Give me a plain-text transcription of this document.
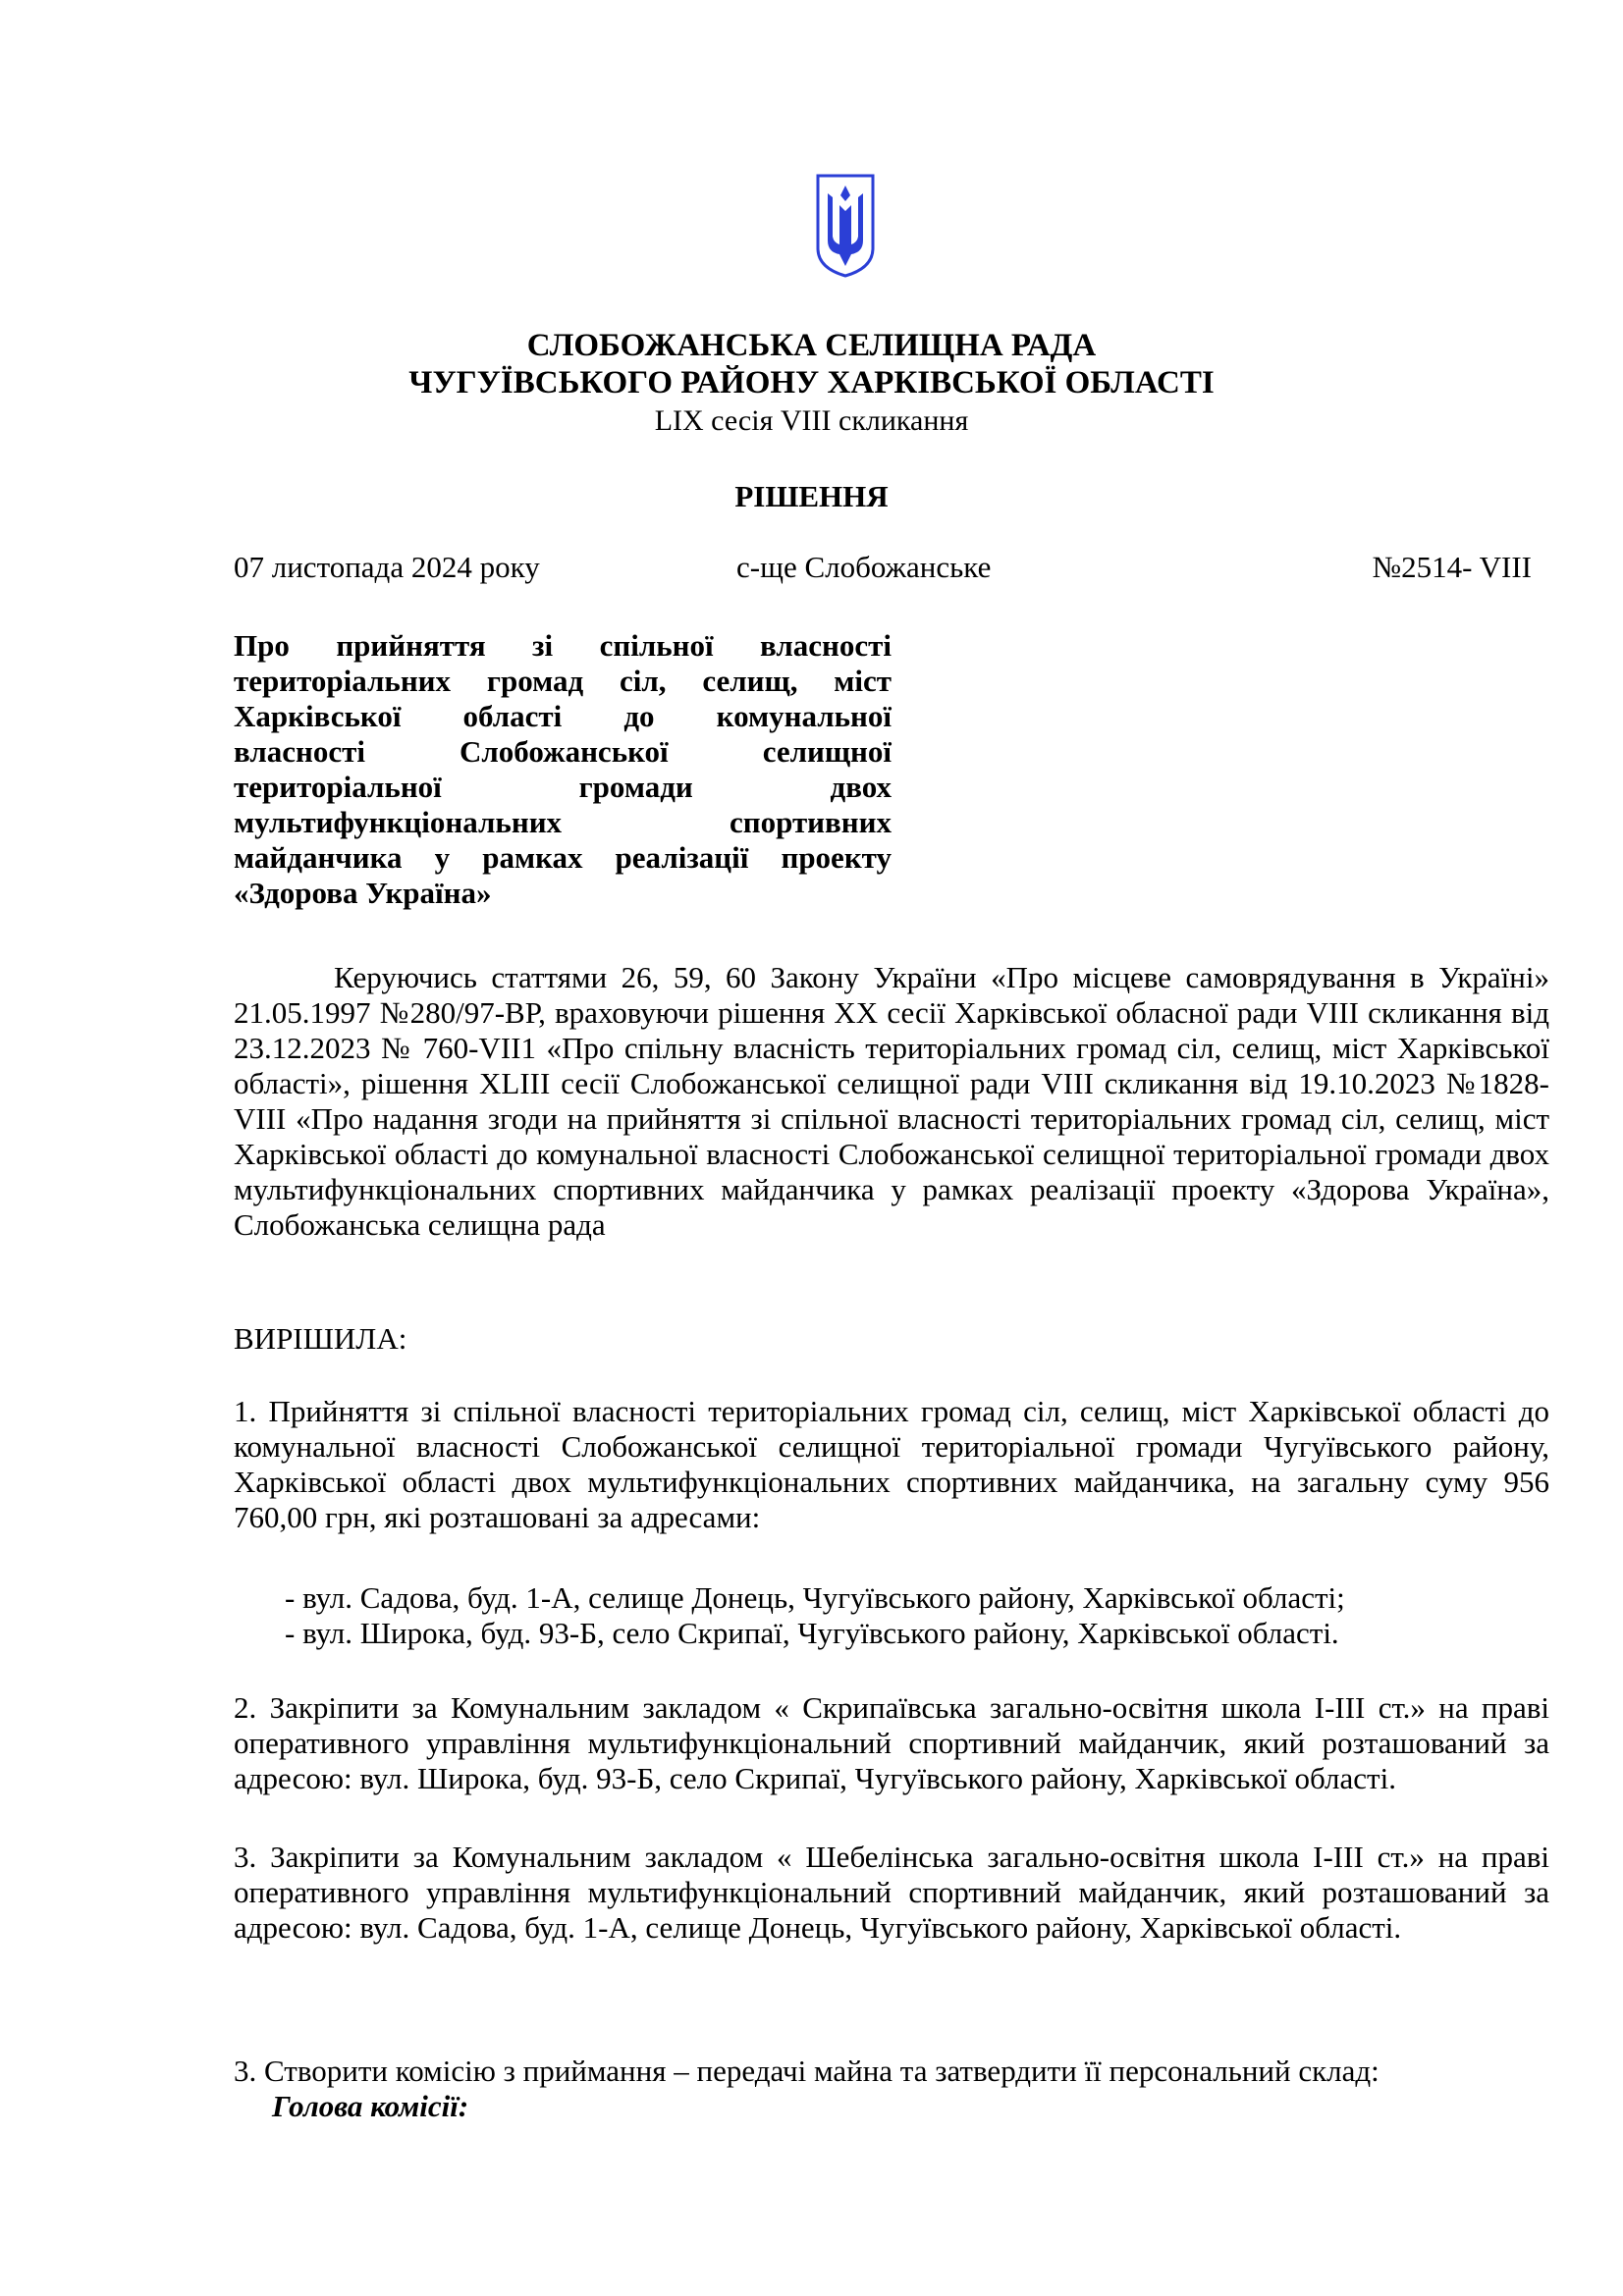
СЛОБОЖАНСЬКА СЕЛИЩНА РАДА
ЧУГУЇВСЬКОГО РАЙОНУ ХАРКІВСЬКОЇ ОБЛАСТІ
LIX сесія VIII скликання
РІШЕННЯ
07 листопада 2024 року	с-ще Слобожанське	№2514- VIII
Про прийняття зі спільної власності
територіальних громад сіл, селищ, міст
Харківської області до комунальної
власності Слобожанської селищної
територіальної громади двох
мультифункціональних спортивних
майданчика у рамках реалізації проекту
«Здорова Україна»
Керуючись статтями 26, 59, 60 Закону України «Про місцеве самоврядування в Україні» 21.05.1997 №280/97-ВР, враховуючи рішення ХХ сесії Харківської обласної ради VIII скликання від 23.12.2023 № 760-VII1 «Про спільну власність територіальних громад сіл, селищ, міст Харківської області», рішення XLIII сесії Слобожанської селищної ради VIII скликання від 19.10.2023 №1828-VIII «Про надання згоди на прийняття зі спільної власності територіальних громад сіл, селищ, міст Харківської області до комунальної власності Слобожанської селищної територіальної громади двох мультифункціональних спортивних майданчика у рамках реалізації проекту «Здорова Україна», Слобожанська селищна рада
ВИРІШИЛА:
1. Прийняття зі спільної власності територіальних громад сіл, селищ, міст Харківської області до комунальної власності Слобожанської селищної територіальної громади Чугуївського району, Харківської області двох мультифункціональних спортивних майданчика, на загальну суму 956 760,00 грн, які розташовані за адресами:
- вул. Садова, буд. 1-А, селище Донець, Чугуївського району, Харківської області;
- вул. Широка, буд. 93-Б, село Скрипаї, Чугуївського району, Харківської області.
2. Закріпити за Комунальним закладом « Скрипаївська загально-освітня школа І-ІІІ ст.» на праві оперативного управління мультифункціональний спортивний майданчик, який розташований за адресою: вул. Широка, буд. 93-Б, село Скрипаї, Чугуївського району, Харківської області.
3. Закріпити за Комунальним закладом « Шебелінська загально-освітня школа І-ІІІ ст.» на праві оперативного управління мультифункціональний спортивний майданчик, який розташований за адресою: вул. Садова, буд. 1-А, селище Донець, Чугуївського району, Харківської області.
3. Створити комісію з приймання – передачі майна та затвердити її персональний склад:
Голова комісії:
